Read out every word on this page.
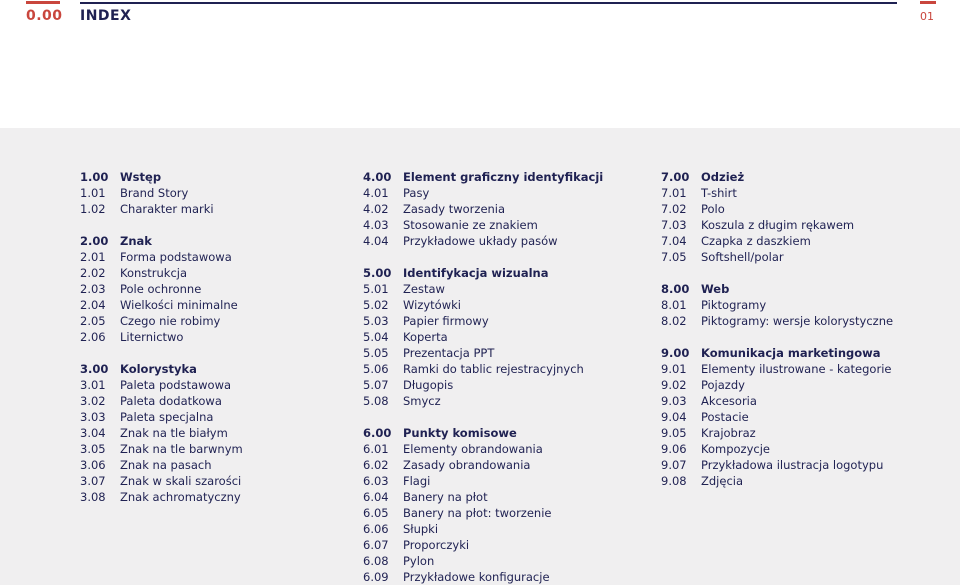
0.00 INDEX	01
1.00 Wstęp
1.01 Brand Story
1.02 Charakter marki
2.00 Znak
2.01 Forma podstawowa
2.02 Konstrukcja
2.03 Pole ochronne
2.04 Wielkości minimalne
2.05 Czego nie robimy
2.06 Liternictwo
3.00 Kolorystyka
3.01 Paleta podstawowa
3.02 Paleta dodatkowa
3.03 Paleta specjalna
3.04 Znak na tle białym
3.05 Znak na tle barwnym
3.06 Znak na pasach
3.07 Znak w skali szarości
3.08 Znak achromatyczny
4.00 Element graficzny identyfikacji
4.01 Pasy
4.02 Zasady tworzenia
4.03 Stosowanie ze znakiem
4.04 Przykładowe układy pasów
5.00 Identifykacja wizualna
5.01 Zestaw
5.02 Wizytówki
5.03 Papier firmowy
5.04 Koperta
5.05 Prezentacja PPT
5.06 Ramki do tablic rejestracyjnych
5.07 Długopis
5.08 Smycz
6.00 Punkty komisowe
6.01 Elementy obrandowania
6.02 Zasady obrandowania
6.03 Flagi
6.04 Banery na płot
6.05 Banery na płot: tworzenie
6.06 Słupki
6.07 Proporczyki
6.08 Pylon
6.09 Przykładowe konfiguracje
7.00 Odzież
7.01 T-shirt
7.02 Polo
7.03 Koszula z długim rękawem
7.04 Czapka z daszkiem
7.05 Softshell/polar
8.00 Web
8.01 Piktogramy
8.02 Piktogramy: wersje kolorystyczne
9.00 Komunikacja marketingowa
9.01 Elementy ilustrowane - kategorie
9.02 Pojazdy
9.03 Akcesoria
9.04 Postacie
9.05 Krajobraz
9.06 Kompozycje
9.07 Przykładowa ilustracja logotypu
9.08 Zdjęcia
